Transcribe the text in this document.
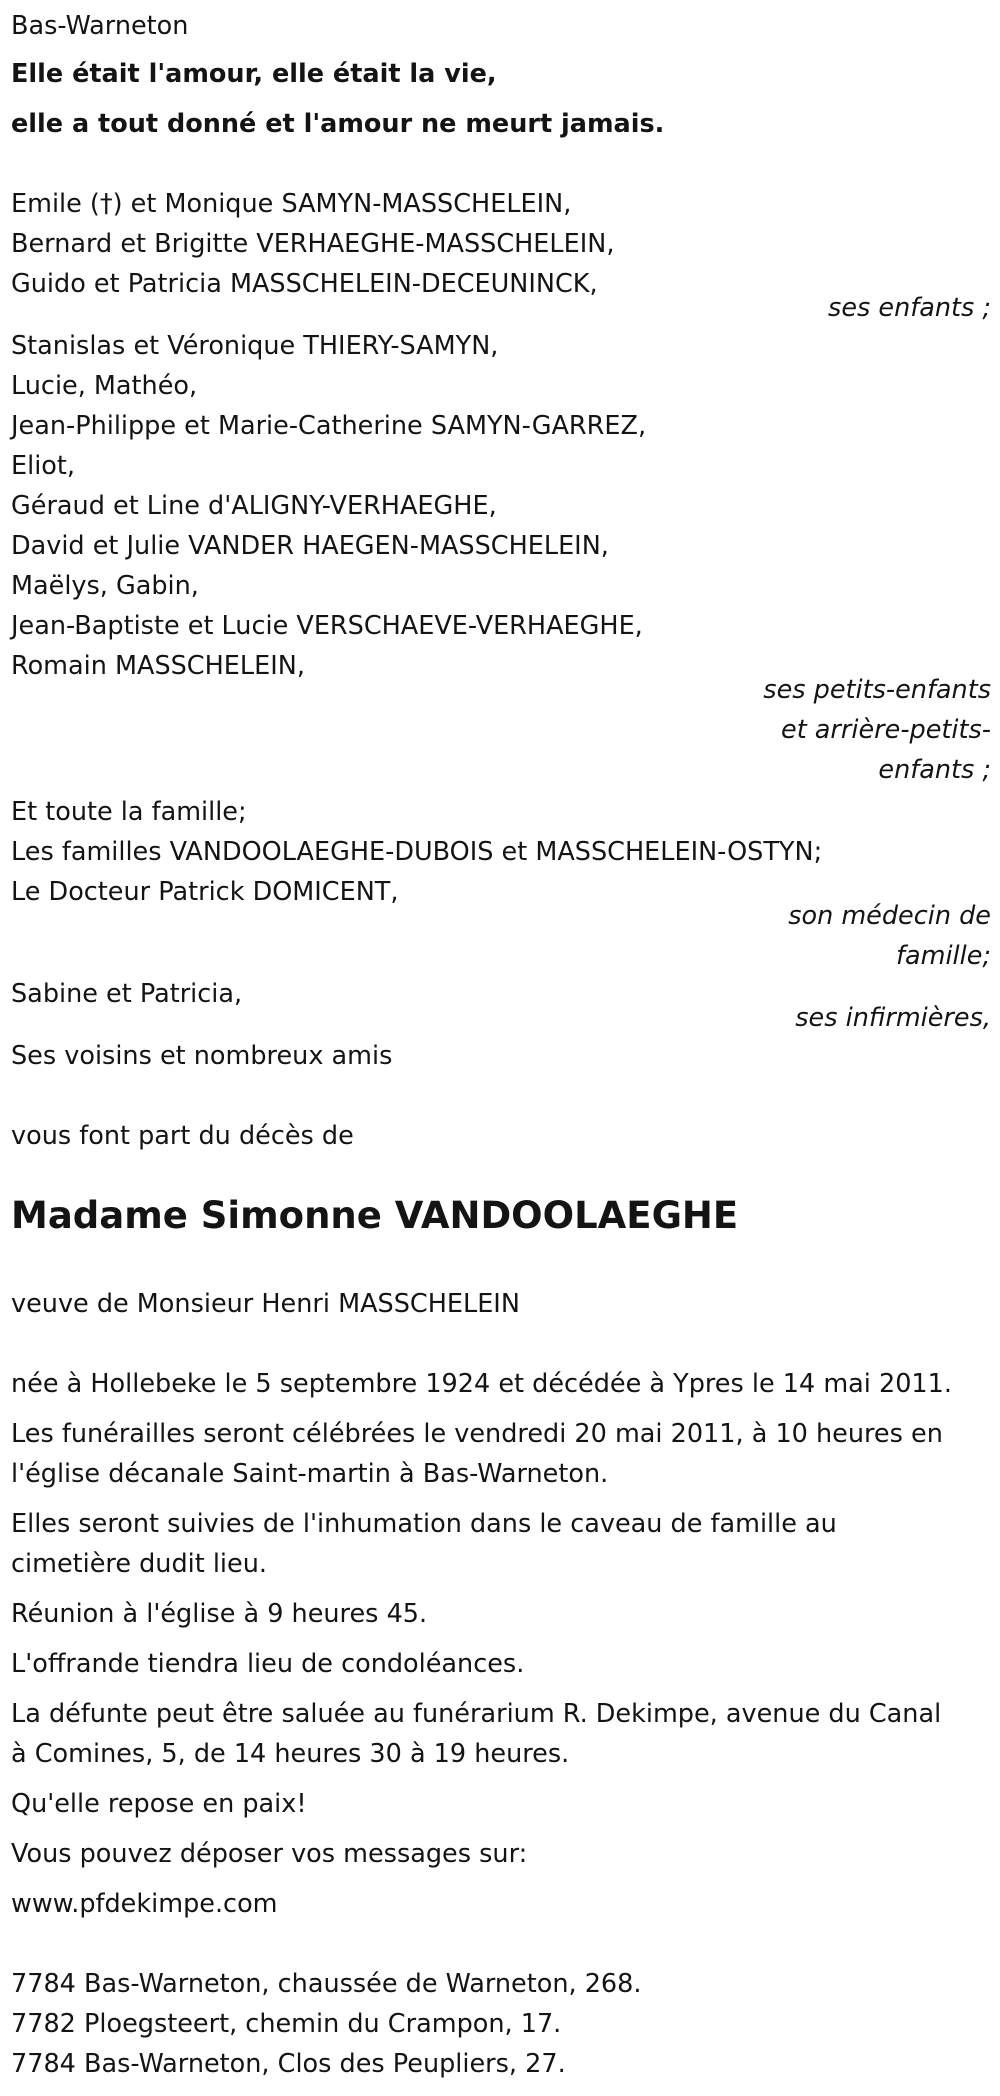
Bas-Warneton
Elle était l'amour, elle était la vie,
elle a tout donné et l'amour ne meurt jamais.
Emile (†) et Monique SAMYN-MASSCHELEIN,
Bernard et Brigitte VERHAEGHE-MASSCHELEIN,
Guido et Patricia MASSCHELEIN-DECEUNINCK,
ses enfants ;
Stanislas et Véronique THIERY-SAMYN,
Lucie, Mathéo,
Jean-Philippe et Marie-Catherine SAMYN-GARREZ,
Eliot,
Géraud et Line d'ALIGNY-VERHAEGHE,
David et Julie VANDER HAEGEN-MASSCHELEIN,
Maëlys, Gabin,
Jean-Baptiste et Lucie VERSCHAEVE-VERHAEGHE,
Romain MASSCHELEIN,
ses petits-enfants
et arrière-petits-
enfants ;
Et toute la famille;
Les familles VANDOOLAEGHE-DUBOIS et MASSCHELEIN-OSTYN;
Le Docteur Patrick DOMICENT,
son médecin de
famille;
Sabine et Patricia,
ses infirmières,
Ses voisins et nombreux amis
vous font part du décès de
Madame Simonne VANDOOLAEGHE
veuve de Monsieur Henri MASSCHELEIN
née à Hollebeke le 5 septembre 1924 et décédée à Ypres le 14 mai 2011.
Les funérailles seront célébrées le vendredi 20 mai 2011, à 10 heures en
l'église décanale Saint-martin à Bas-Warneton.
Elles seront suivies de l'inhumation dans le caveau de famille au
cimetière dudit lieu.
Réunion à l'église à 9 heures 45.
L'offrande tiendra lieu de condoléances.
La défunte peut être saluée au funérarium R. Dekimpe, avenue du Canal
à Comines, 5, de 14 heures 30 à 19 heures.
Qu'elle repose en paix!
Vous pouvez déposer vos messages sur:
www.pfdekimpe.com
7784 Bas-Warneton, chaussée de Warneton, 268.
7782 Ploegsteert, chemin du Crampon, 17.
7784 Bas-Warneton, Clos des Peupliers, 27.
